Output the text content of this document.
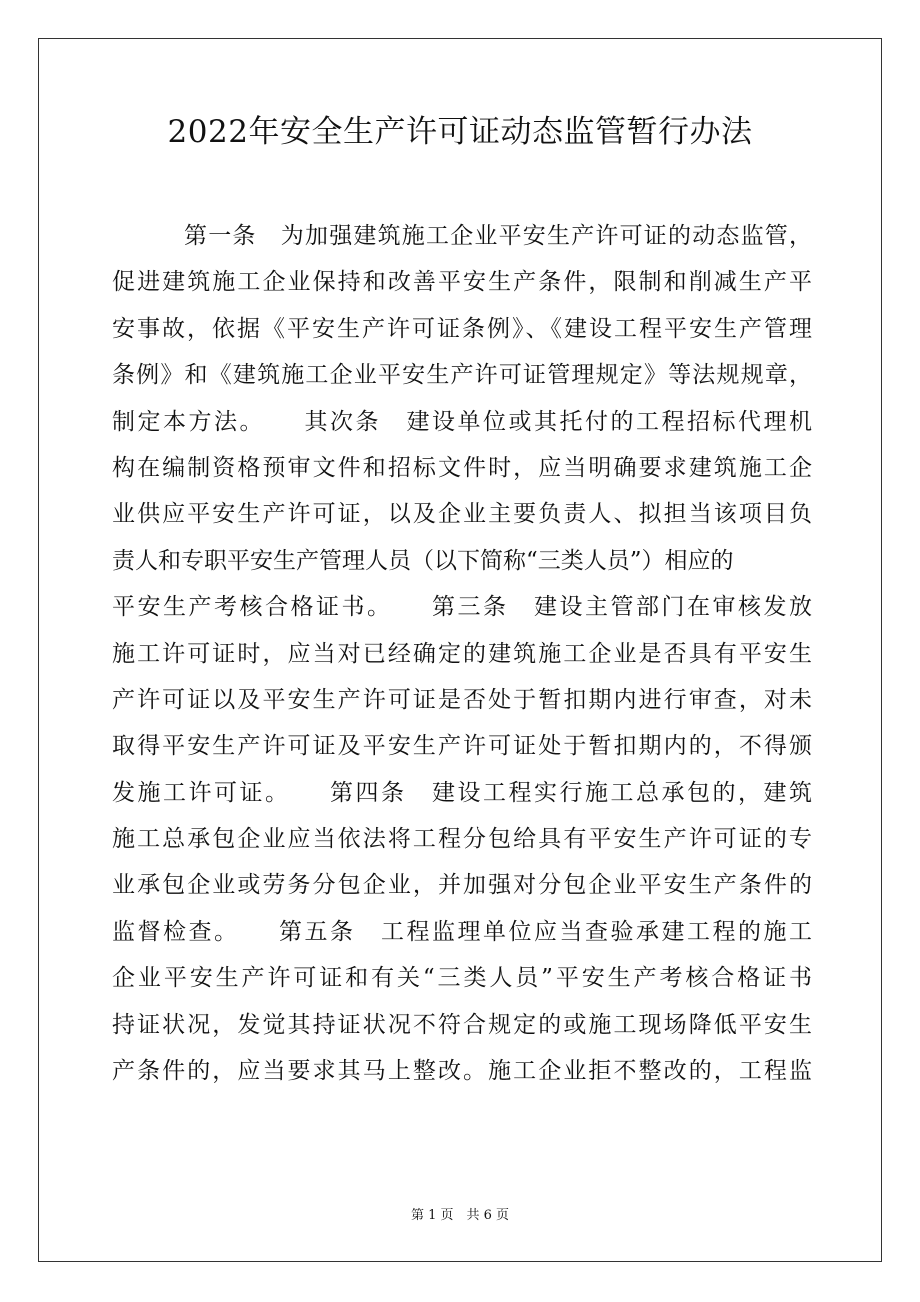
2022年安全生产许可证动态监管暂行办法
第一条　为加强建筑施工企业平安生产许可证的动态监管，
促进建筑施工企业保持和改善平安生产条件，限制和削减生产平
安事故，依据《平安生产许可证条例》、《建设工程平安生产管理
条例》和《建筑施工企业平安生产许可证管理规定》等法规规章，
制定本方法。　　其次条　建设单位或其托付的工程招标代理机
构在编制资格预审文件和招标文件时，应当明确要求建筑施工企
业供应平安生产许可证，以及企业主要负责人、拟担当该项目负
责人和专职平安生产管理人员（以下简称“三类人员”）相应的
平安生产考核合格证书。　　第三条　建设主管部门在审核发放
施工许可证时，应当对已经确定的建筑施工企业是否具有平安生
产许可证以及平安生产许可证是否处于暂扣期内进行审查，对未
取得平安生产许可证及平安生产许可证处于暂扣期内的，不得颁
发施工许可证。　　第四条　建设工程实行施工总承包的，建筑
施工总承包企业应当依法将工程分包给具有平安生产许可证的专
业承包企业或劳务分包企业，并加强对分包企业平安生产条件的
监督检查。　　第五条　工程监理单位应当查验承建工程的施工
企业平安生产许可证和有关“三类人员”平安生产考核合格证书
持证状况，发觉其持证状况不符合规定的或施工现场降低平安生
产条件的，应当要求其马上整改。施工企业拒不整改的，工程监
第 1 页　共 6 页
